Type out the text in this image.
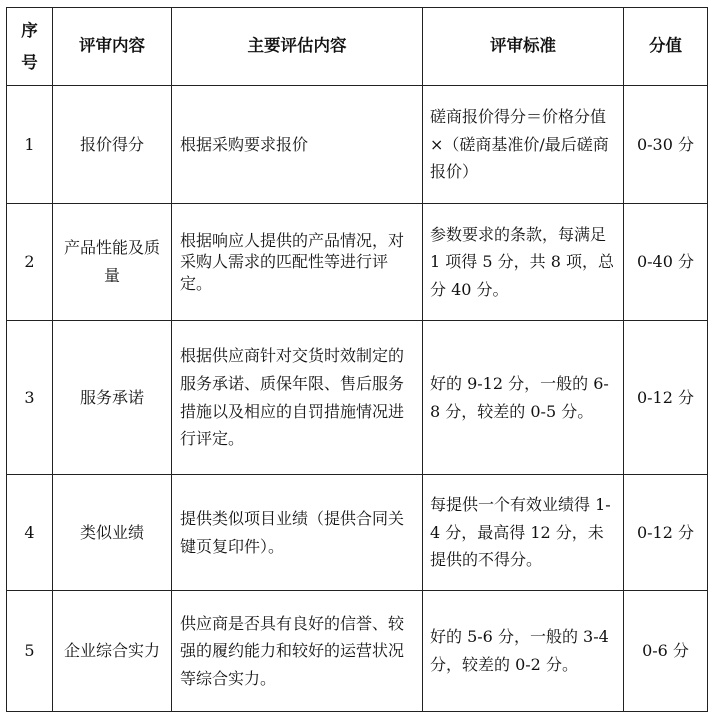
序号	评审内容	主要评估内容	评审标准	分值
1	报价得分	根据采购要求报价	磋商报价得分＝价格分值×（磋商基准价/最后磋商报价）	0-30 分
2	产品性能及质量	根据响应人提供的产品情况，对采购人需求的匹配性等进行评定。	参数要求的条款，每满足 1 项得 5 分，共 8 项，总分 40 分。	0-40 分
3	服务承诺	根据供应商针对交货时效制定的服务承诺、质保年限、售后服务措施以及相应的自罚措施情况进行评定。	好的 9-12 分，一般的 6-8 分，较差的 0-5 分。	0-12 分
4	类似业绩	提供类似项目业绩（提供合同关键页复印件）。	每提供一个有效业绩得 1-4 分，最高得 12 分，未提供的不得分。	0-12 分
5	企业综合实力	供应商是否具有良好的信誉、较强的履约能力和较好的运营状况等综合实力。	好的 5-6 分，一般的 3-4 分，较差的 0-2 分。	0-6 分
